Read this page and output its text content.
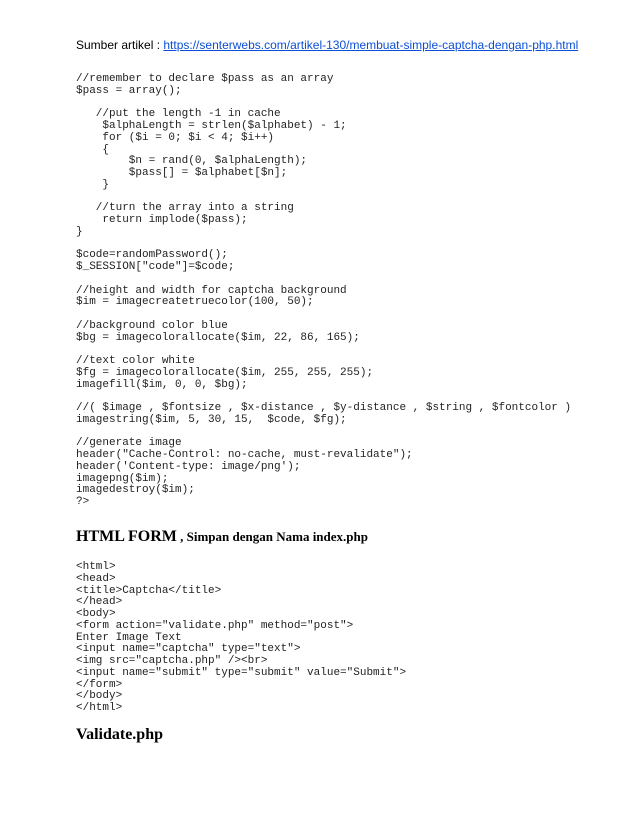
Sumber artikel : https://senterwebs.com/artikel-130/membuat-simple-captcha-dengan-php.html
//remember to declare $pass as an array
$pass = array();

//put the length -1 in cache
$alphaLength = strlen($alphabet) - 1;
for ($i = 0; $i < 4; $i++)
{
$n = rand(0, $alphaLength);
$pass[] = $alphabet[$n];
}

//turn the array into a string
return implode($pass);
}

$code=randomPassword();
$_SESSION["code"]=$code;

//height and width for captcha background
$im = imagecreatetruecolor(100, 50);

//background color blue
$bg = imagecolorallocate($im, 22, 86, 165);

//text color white
$fg = imagecolorallocate($im, 255, 255, 255);
imagefill($im, 0, 0, $bg);

//( $image , $fontsize , $x-distance , $y-distance , $string , $fontcolor )
imagestring($im, 5, 30, 15,  $code, $fg);

//generate image
header("Cache-Control: no-cache, must-revalidate");
header('Content-type: image/png');
imagepng($im);
imagedestroy($im);
?>
HTML FORM , Simpan dengan Nama index.php
<html>
<head>
<title>Captcha</title>
</head>
<body>
<form action="validate.php" method="post">
Enter Image Text
<input name="captcha" type="text">
<img src="captcha.php" /><br>
<input name="submit" type="submit" value="Submit">
</form>
</body>
</html>
Validate.php
